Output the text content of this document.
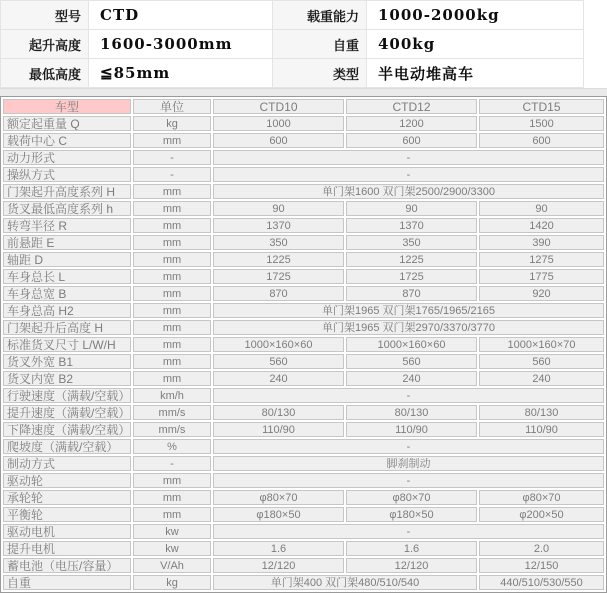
型号	CTD	载重能力	1000-2000kg
起升高度	1600-3000mm	自重	400kg
最低高度	≦85mm	类型	半电动堆高车
车型	单位	CTD10	CTD12	CTD15
额定起重量 Q	kg	1000	1200	1500
载荷中心 C	mm	600	600	600
动力形式	-	-		
操纵方式	-	-		
门架起升高度系列 H	mm	单门架1600 双门架2500/2900/3300		
货叉最低高度系列 h	mm	90	90	90
转弯半径 R	mm	1370	1370	1420
前悬距 E	mm	350	350	390
轴距 D	mm	1225	1225	1275
车身总长 L	mm	1725	1725	1775
车身总宽 B	mm	870	870	920
车身总高 H2	mm	单门架1965 双门架1765/1965/2165		
门架起升后高度 H	mm	单门架1965 双门架2970/3370/3770		
标准货叉尺寸 L/W/H	mm	1000×160×60	1000×160×60	1000×160×70
货叉外宽 B1	mm	560	560	560
货叉内宽 B2	mm	240	240	240
行驶速度（满载/空载）	km/h	-		
提升速度（满载/空载）	mm/s	80/130	80/130	80/130
下降速度（满载/空载）	mm/s	110/90	110/90	110/90
爬坡度（满载/空载）	%	-		
制动方式	-	脚刹制动		
驱动轮	mm	-		
承轮轮	mm	φ80×70	φ80×70	φ80×70
平衡轮	mm	φ180×50	φ180×50	φ200×50
驱动电机	kw	-		
提升电机	kw	1.6	1.6	2.0
蓄电池（电压/容量）	V/Ah	12/120	12/120	12/150
自重	kg	单门架400 双门架480/510/540		440/510/530/550
